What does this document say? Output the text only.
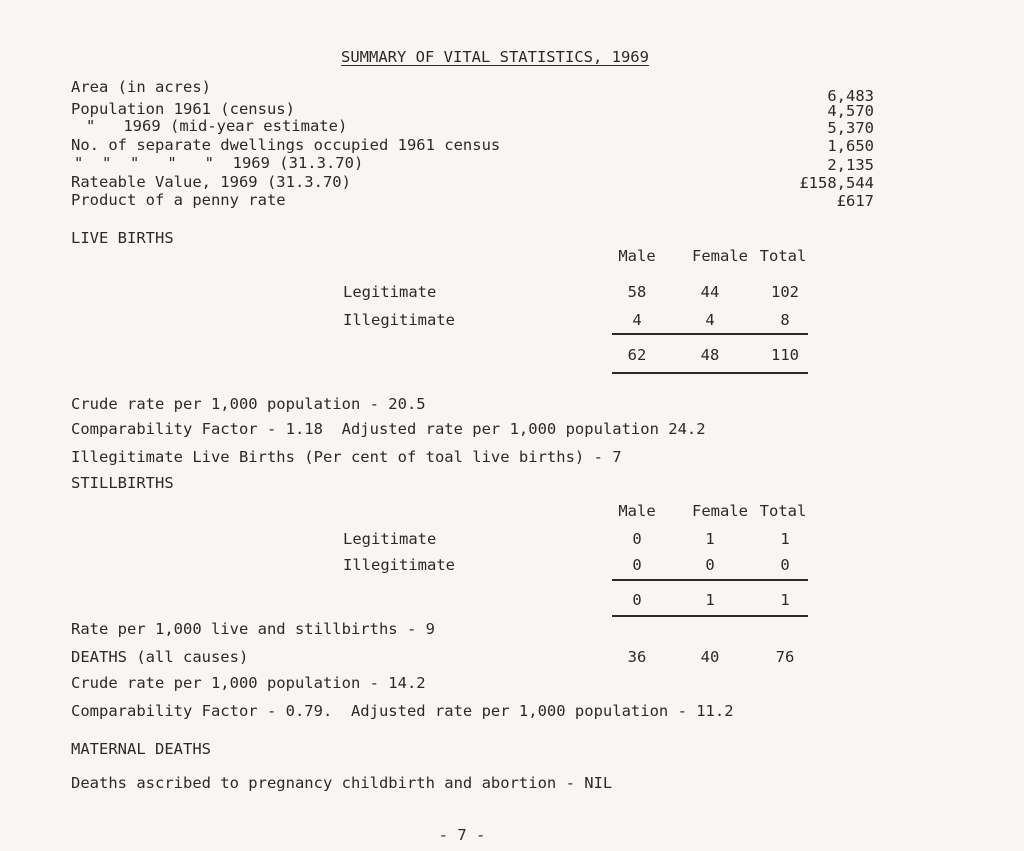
SUMMARY OF VITAL STATISTICS, 1969
Area (in acres)	6,483
Population 1961 (census)	4,570
"   1969 (mid-year estimate)	5,370
No. of separate dwellings occupied 1961 census	1,650
"  "  "   "   "  1969 (31.3.70)	2,135
Rateable Value, 1969 (31.3.70)	£158,544
Product of a penny rate	£617
LIVE BIRTHS
Male	Female Total
Legitimate	58	44	102
Illegitimate	4	4	8
62	48	110
Crude rate per 1,000 population - 20.5
Comparability Factor - 1.18  Adjusted rate per 1,000 population 24.2
Illegitimate Live Births (Per cent of toal live births) - 7
STILLBIRTHS
Male	Female Total
Legitimate	0	1	1
Illegitimate	0	0	0
0	1	1
Rate per 1,000 live and stillbirths - 9
DEATHS (all causes)	36	40	76
Crude rate per 1,000 population - 14.2
Comparability Factor - 0.79.  Adjusted rate per 1,000 population - 11.2
MATERNAL DEATHS
Deaths ascribed to pregnancy childbirth and abortion - NIL
- 7 -
